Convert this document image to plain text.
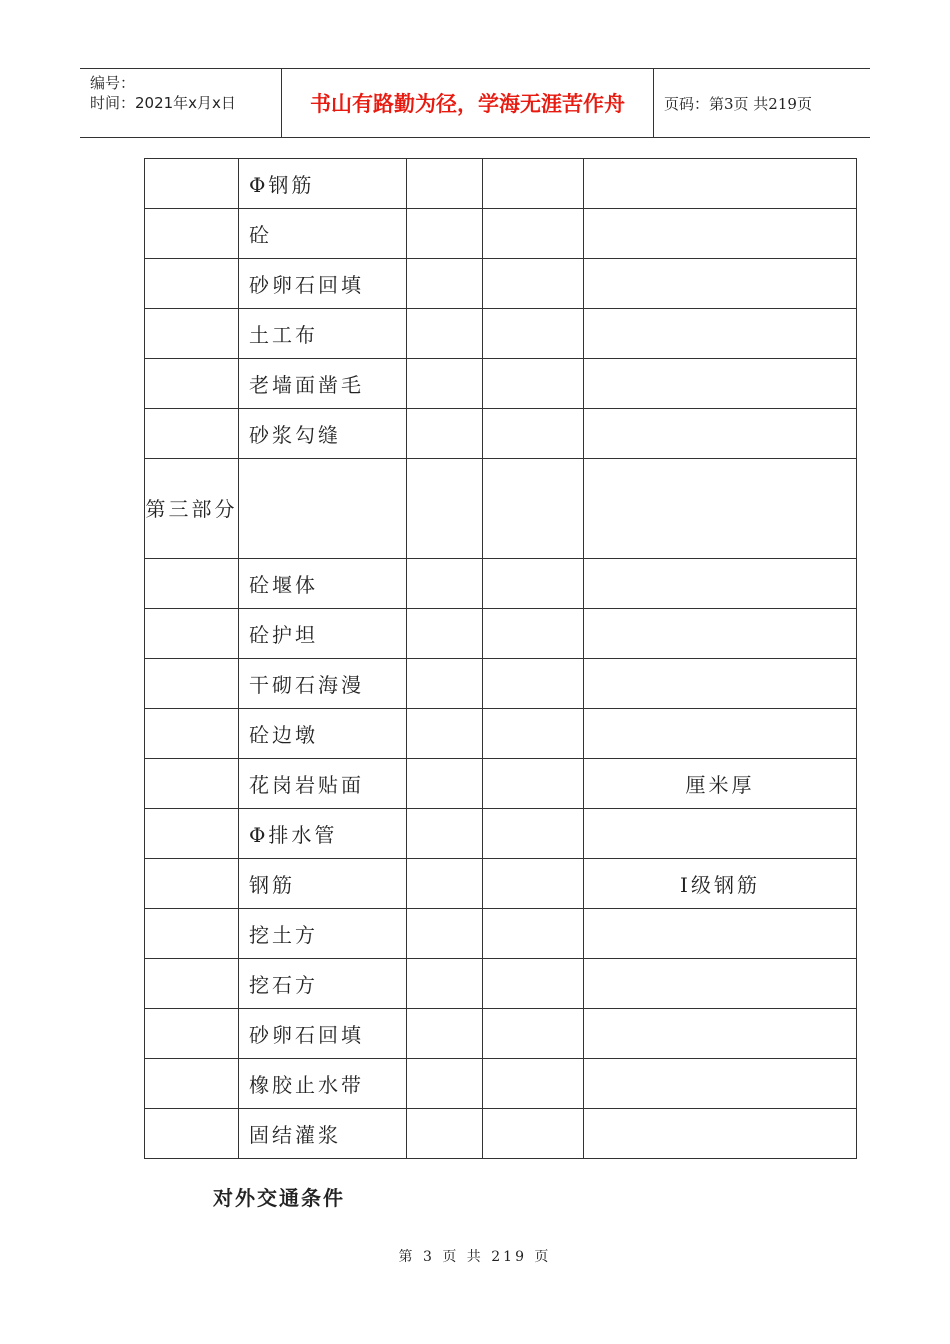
编号：
时间：2021年x月x日	书山有路勤为径，学海无涯苦作舟	页码：第3页 共219页
	Φ钢筋			
	砼			
	砂卵石回填			
	土工布			
	老墙面凿毛			
	砂浆勾缝			
第三部分				
	砼堰体			
	砼护坦			
	干砌石海漫			
	砼边墩			
	花岗岩贴面			厘米厚
	Φ排水管			
	钢筋			Ⅰ级钢筋
	挖土方			
	挖石方			
	砂卵石回填			
	橡胶止水带			
	固结灌浆			
对外交通条件
第 3 页 共 219 页
